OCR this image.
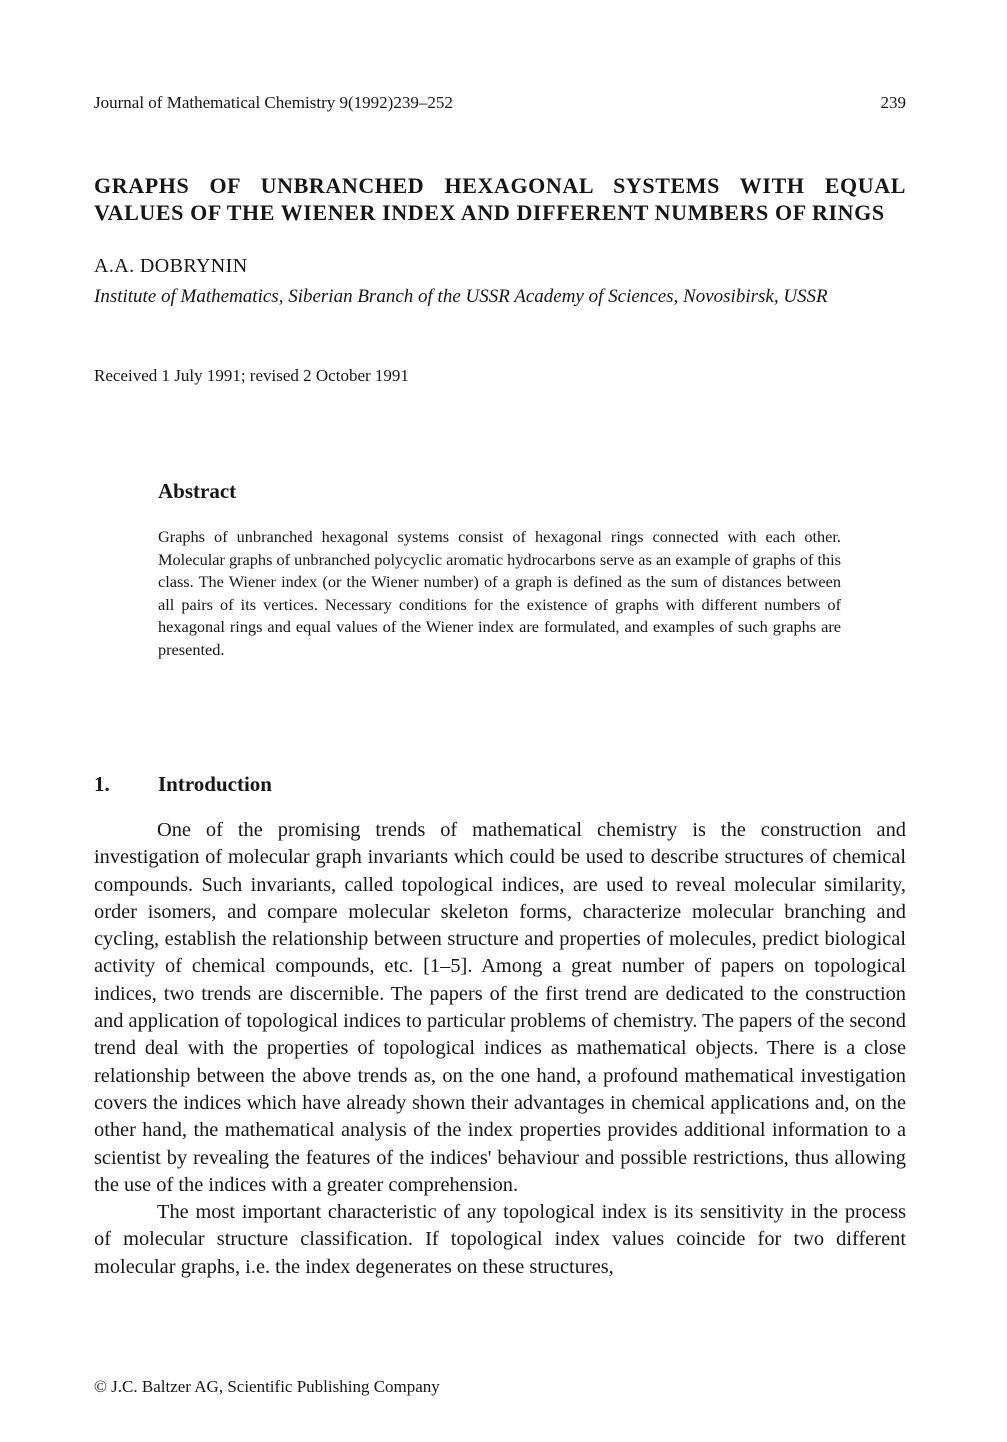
Journal of Mathematical Chemistry 9(1992)239–252	239
GRAPHS OF UNBRANCHED HEXAGONAL SYSTEMS WITH EQUAL VALUES OF THE WIENER INDEX AND DIFFERENT NUMBERS OF RINGS
A.A. DOBRYNIN
Institute of Mathematics, Siberian Branch of the USSR Academy of Sciences, Novosibirsk, USSR
Received 1 July 1991; revised 2 October 1991
Abstract
Graphs of unbranched hexagonal systems consist of hexagonal rings connected with each other. Molecular graphs of unbranched polycyclic aromatic hydrocarbons serve as an example of graphs of this class. The Wiener index (or the Wiener number) of a graph is defined as the sum of distances between all pairs of its vertices. Necessary conditions for the existence of graphs with different numbers of hexagonal rings and equal values of the Wiener index are formulated, and examples of such graphs are presented.
1. Introduction

One of the promising trends of mathematical chemistry is the construction and investigation of molecular graph invariants which could be used to describe structures of chemical compounds. Such invariants, called topological indices, are used to reveal molecular similarity, order isomers, and compare molecular skeleton forms, characterize molecular branching and cycling, establish the relationship between structure and properties of molecules, predict biological activity of chemical compounds, etc. [1–5]. Among a great number of papers on topological indices, two trends are discernible. The papers of the first trend are dedicated to the construction and application of topological indices to particular problems of chemistry. The papers of the second trend deal with the properties of topological indices as mathematical objects. There is a close relationship between the above trends as, on the one hand, a profound mathematical investigation covers the indices which have already shown their advantages in chemical applications and, on the other hand, the mathematical analysis of the index properties provides additional information to a scientist by revealing the features of the indices' behaviour and possible restrictions, thus allowing the use of the indices with a greater comprehension.

The most important characteristic of any topological index is its sensitivity in the process of molecular structure classification. If topological index values coincide for two different molecular graphs, i.e. the index degenerates on these structures,

© J.C. Baltzer AG, Scientific Publishing Company
